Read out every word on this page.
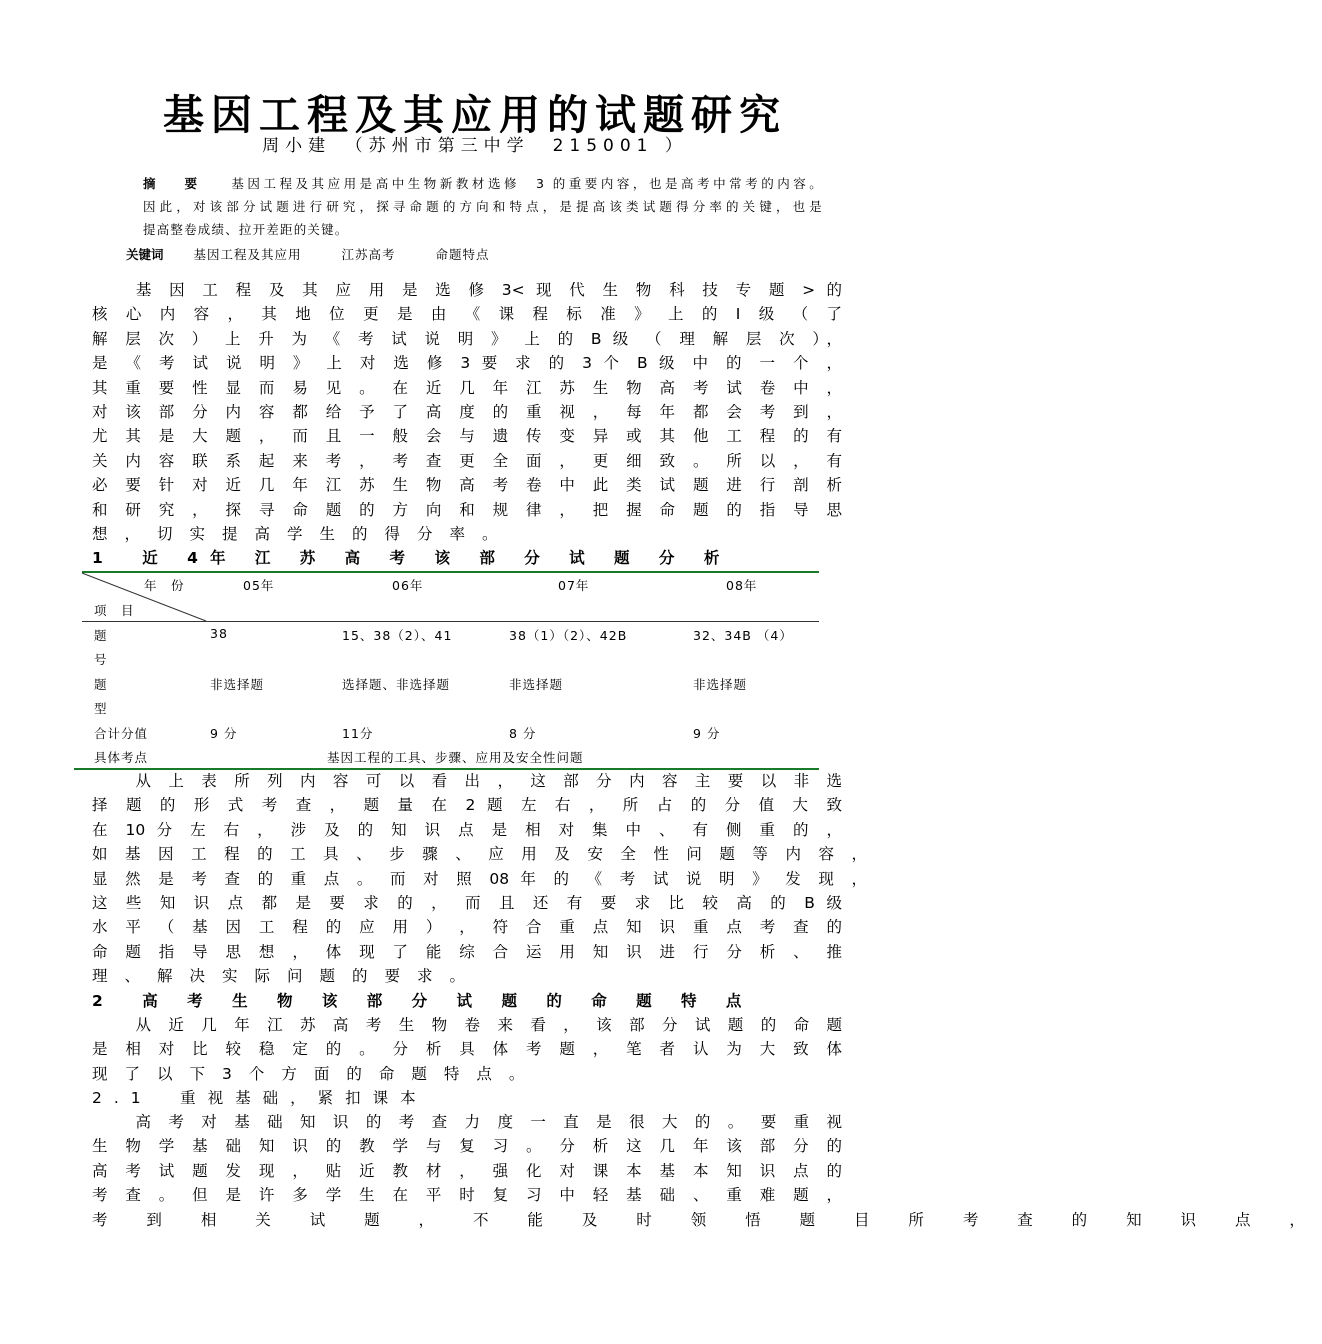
基因工程及其应用的试题研究
周小建　（苏州市第三中学　215001 ）
摘 要 基因工程及其应用是高中生物新教材选修　3 的重要内容，也是高考中常考的内容。
因此，对该部分试题进行研究，探寻命题的方向和特点，是提高该类试题得分率的关键，也是
提高整卷成绩、拉开差距的关键。
关键词 基因工程及其应用	江苏高考	命题特点
　　基 因 工 程 及 其 应 用 是 选 修 3< 现 代 生 物 科 技 专 题 > 的
核 心 内 容 ， 其 地 位 更 是 由 《 课 程 标 准 》 上 的 Ⅰ 级 （ 了
解 层 次 ） 上 升 为 《 考 试 说 明 》 上 的 B 级 （ 理 解 层 次 ），
是 《 考 试 说 明 》 上 对 选 修 3 要 求 的 3 个 B 级 中 的 一 个 ，
其 重 要 性 显 而 易 见 。 在 近 几 年 江 苏 生 物 高 考 试 卷 中 ，
对 该 部 分 内 容 都 给 予 了 高 度 的 重 视 ， 每 年 都 会 考 到 ，
尤 其 是 大 题 ， 而 且 一 般 会 与 遗 传 变 异 或 其 他 工 程 的 有
关 内 容 联 系 起 来 考 ， 考 查 更 全 面 ， 更 细 致 。 所 以 ， 有
必 要 针 对 近 几 年 江 苏 生 物 高 考 卷 中 此 类 试 题 进 行 剖 析
和 研 究 ， 探 寻 命 题 的 方 向 和 规 律 ， 把 握 命 题 的 指 导 思
想，切实提高学生的得分率。
1　近 4年 江 苏 高 考 该 部 分 试 题 分 析
年　份
项　目
05年	06年	07年	08年
题
号
38	15、38（2）、41	38（1）（2）、42B	32、34B （4）
题
型
非选择题	选择题、非选择题	非选择题	非选择题
合计分值	9 分	11分	8 分	9 分
具体考点	基因工程的工具、步骤、应用及安全性问题
　　从 上 表 所 列 内 容 可 以 看 出 ， 这 部 分 内 容 主 要 以 非 选
择 题 的 形 式 考 查 ， 题 量 在 2 题 左 右 ， 所 占 的 分 值 大 致
在 10 分 左 右 ， 涉 及 的 知 识 点 是 相 对 集 中 、 有 侧 重 的 ，
如 基 因 工 程 的 工 具 、 步 骤 、 应 用 及 安 全 性 问 题 等 内 容 ，
显 然 是 考 查 的 重 点 。 而 对 照 08 年 的 《 考 试 说 明 》 发 现 ，
这 些 知 识 点 都 是 要 求 的 ， 而 且 还 有 要 求 比 较 高 的 B 级
水 平 （ 基 因 工 程 的 应 用 ） ， 符 合 重 点 知 识 重 点 考 查 的
命 题 指 导 思 想 ， 体 现 了 能 综 合 运 用 知 识 进 行 分 析 、 推
理、解决实际问题的要求。
2　高 考 生 物 该 部 分 试 题 的 命 题 特 点
　　从 近 几 年 江 苏 高 考 生 物 卷 来 看 ， 该 部 分 试 题 的 命 题
是 相 对 比 较 稳 定 的 。 分 析 具 体 考 题 ， 笔 者 认 为 大 致 体
现了以下3个方面的命题特点。
2.1　重视基础，紧扣课本
　　高 考 对 基 础 知 识 的 考 查 力 度 一 直 是 很 大 的 。 要 重 视
生 物 学 基 础 知 识 的 教 学 与 复 习 。 分 析 这 几 年 该 部 分 的
高 考 试 题 发 现 ， 贴 近 教 材 ， 强 化 对 课 本 基 本 知 识 点 的
考 查 。 但 是 许 多 学 生 在 平 时 复 习 中 轻 基 础 、 重 难 题 ，
考 到 相 关 试 题 ， 不 能 及 时 领 悟 题 目 所 考 查 的 知 识 点 ，
